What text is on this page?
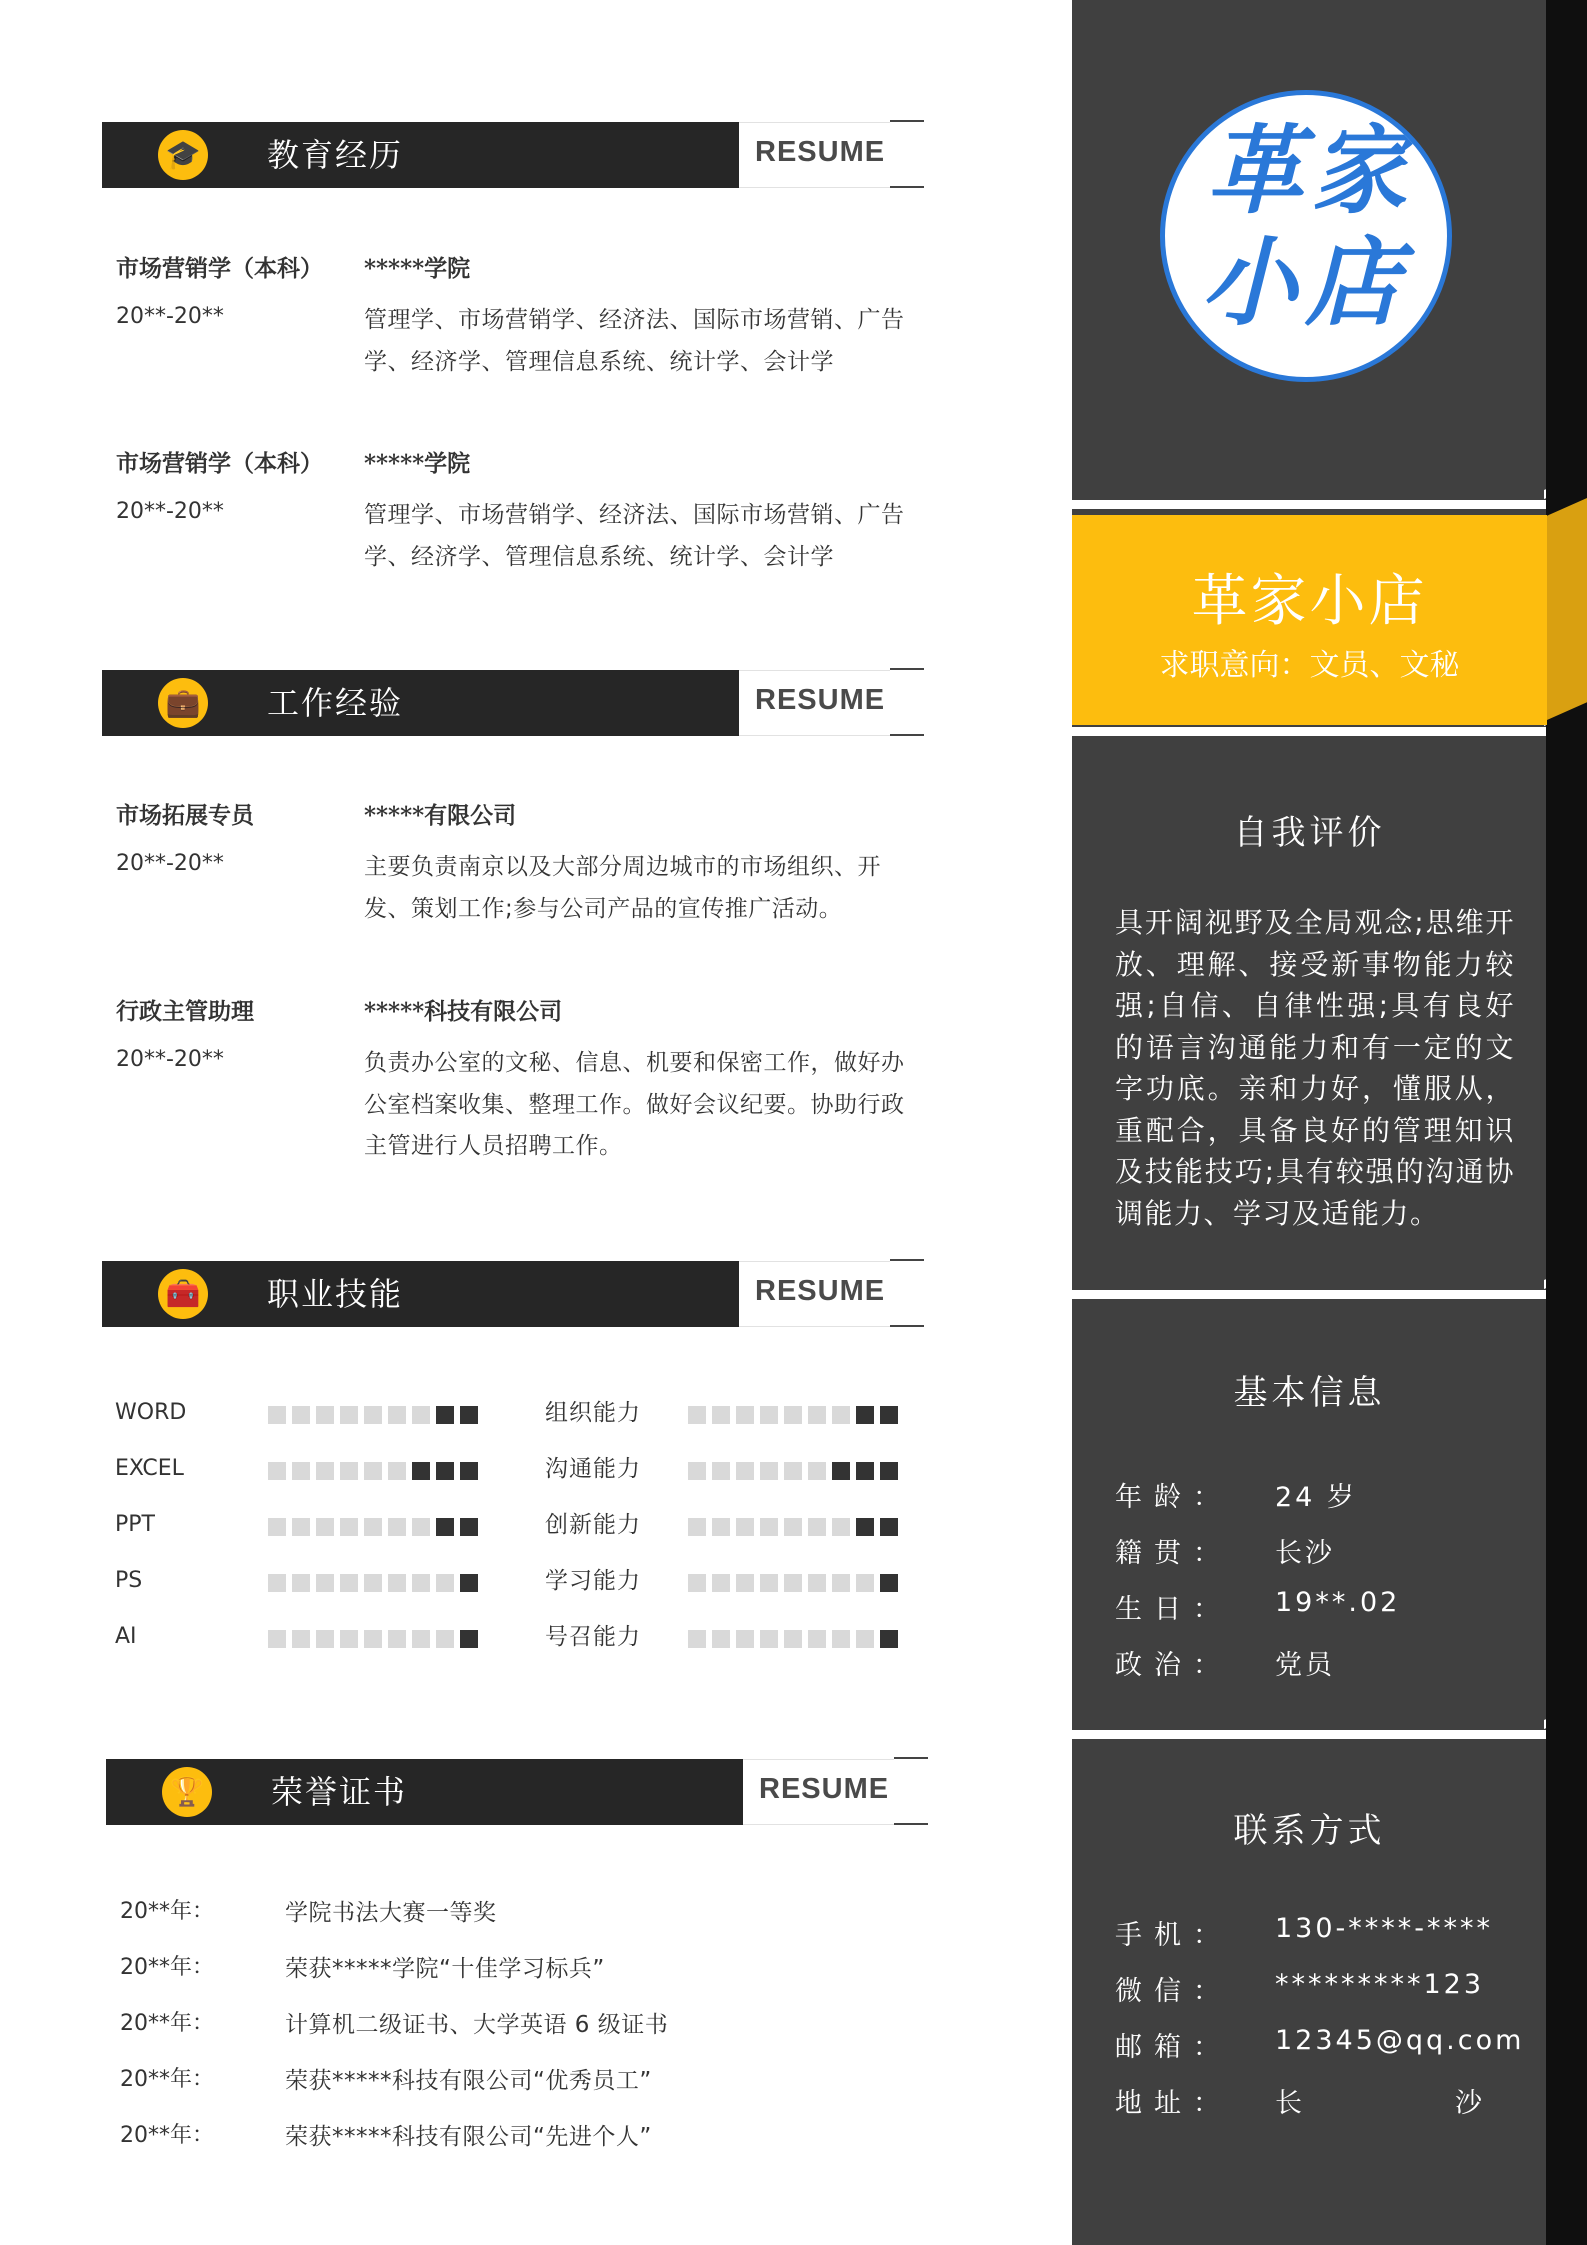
革家
小店
革家小店
求职意向：文员、文秘
自我评价
具开阔视野及全局观念;思维开放、理解、接受新事物能力较强;自信、自律性强;具有良好的语言沟通能力和有一定的文字功底。亲和力好，懂服从，重配合，具备良好的管理知识及技能技巧;具有较强的沟通协调能力、学习及适能力。
基本信息
年龄： 24 岁
籍贯： 长沙
生日： 19**.02
政治： 党员
联系方式
手机： 130-****-****
微信： *********123
邮箱： 12345@qq.com
地址： 长　　　　　沙
🎓 教育经历	RESUME
市场营销学（本科） *****学院
20**-20**	管理学、市场营销学、经济法、国际市场营销、广告学、经济学、管理信息系统、统计学、会计学
市场营销学（本科） *****学院
20**-20**	管理学、市场营销学、经济法、国际市场营销、广告学、经济学、管理信息系统、统计学、会计学
💼 工作经验	RESUME
市场拓展专员	*****有限公司
20**-20**	主要负责南京以及大部分周边城市的市场组织、开发、策划工作;参与公司产品的宣传推广活动。
行政主管助理	*****科技有限公司
20**-20**	负责办公室的文秘、信息、机要和保密工作，做好办公室档案收集、整理工作。做好会议纪要。协助行政主管进行人员招聘工作。
🧰 职业技能	RESUME
WORD
EXCEL
PPT
PS
AI
组织能力
沟通能力
创新能力
学习能力
号召能力
🏆 荣誉证书	RESUME
20**年：	学院书法大赛一等奖
20**年：	荣获*****学院“十佳学习标兵”
20**年：	计算机二级证书、大学英语 6 级证书
20**年：	荣获*****科技有限公司“优秀员工”
20**年：	荣获*****科技有限公司“先进个人”
